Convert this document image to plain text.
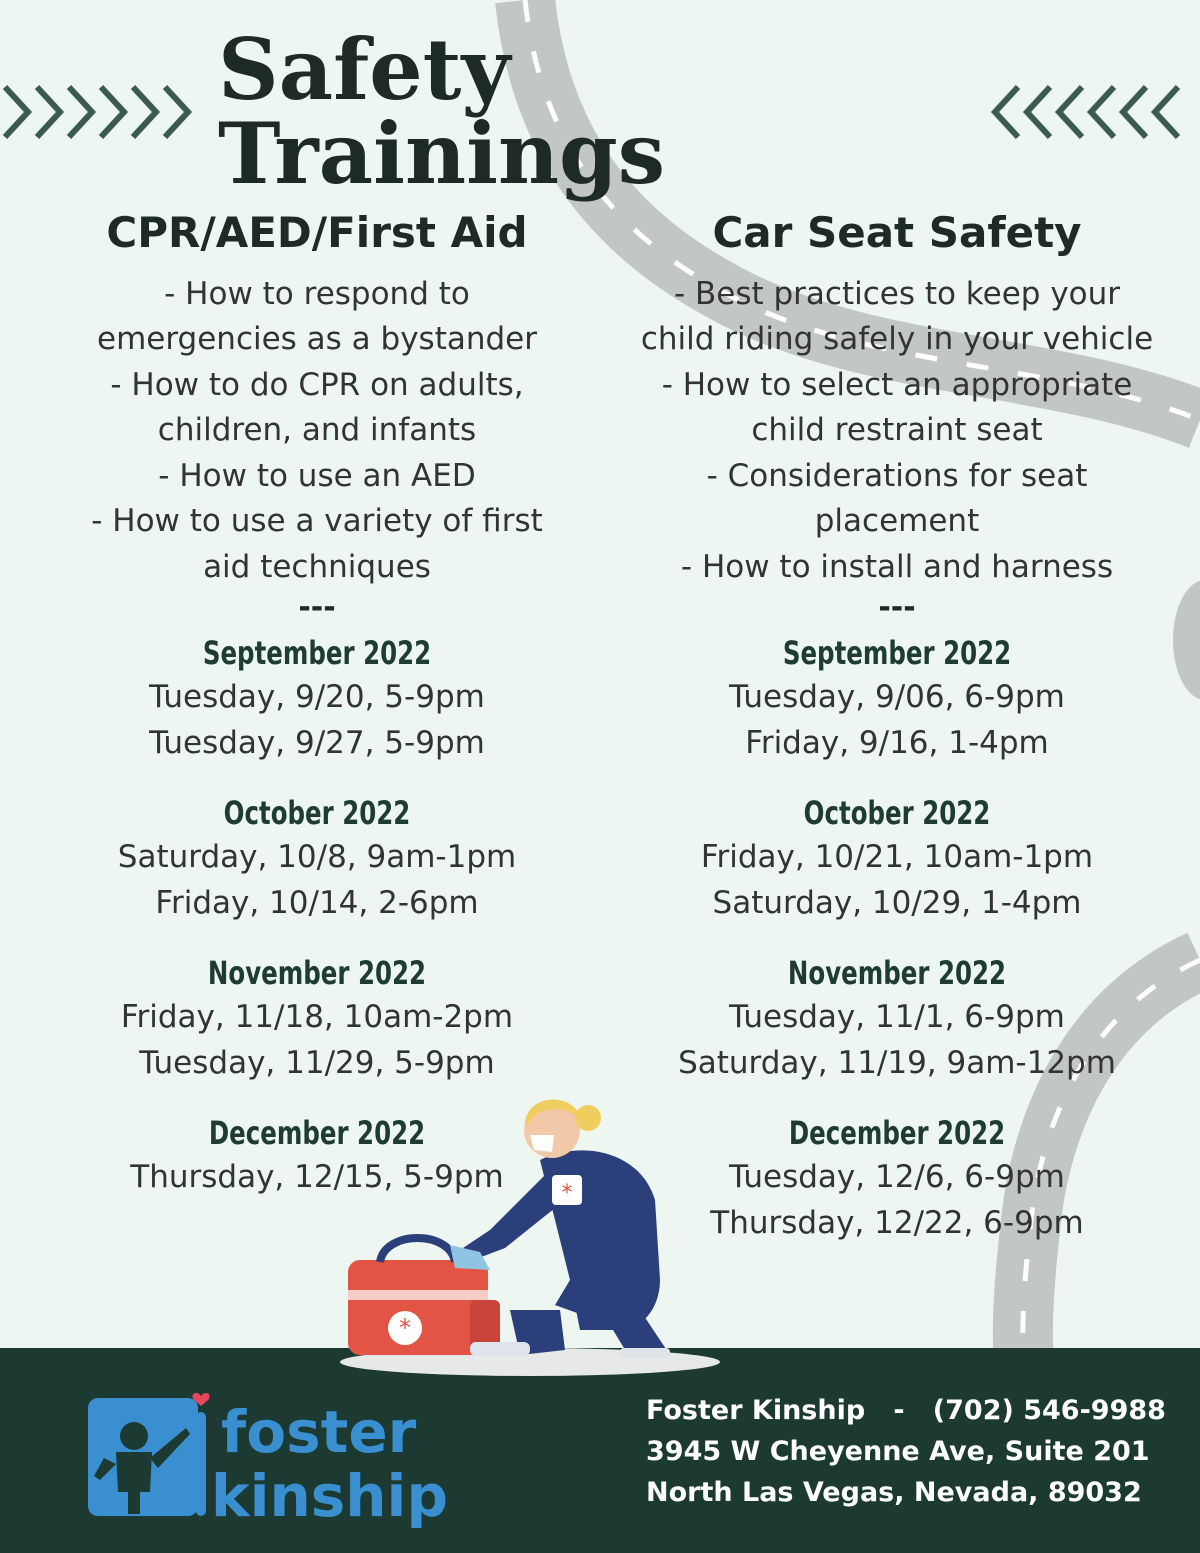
Safety Trainings
CPR/AED/First Aid
- How to respond to
emergencies as a bystander
- How to do CPR on adults,
children, and infants
- How to use an AED
- How to use a variety of first
aid techniques
---
September 2022
Tuesday, 9/20, 5-9pm
Tuesday, 9/27, 5-9pm
October 2022
Saturday, 10/8, 9am-1pm
Friday, 10/14, 2-6pm
November 2022
Friday, 11/18, 10am-2pm
Tuesday, 11/29, 5-9pm
December 2022
Thursday, 12/15, 5-9pm
Car Seat Safety
- Best practices to keep your
child riding safely in your vehicle
- How to select an appropriate
child restraint seat
- Considerations for seat
placement
- How to install and harness
---
September 2022
Tuesday, 9/06, 6-9pm
Friday, 9/16, 1-4pm
October 2022
Friday, 10/21, 10am-1pm
Saturday, 10/29, 1-4pm
November 2022
Tuesday, 11/1, 6-9pm
Saturday, 11/19, 9am-12pm
December 2022
Tuesday, 12/6, 6-9pm
Thursday, 12/22, 6-9pm
*
*
foster
kinship
Foster Kinship   -   (702) 546-9988
3945 W Cheyenne Ave, Suite 201
North Las Vegas, Nevada, 89032
